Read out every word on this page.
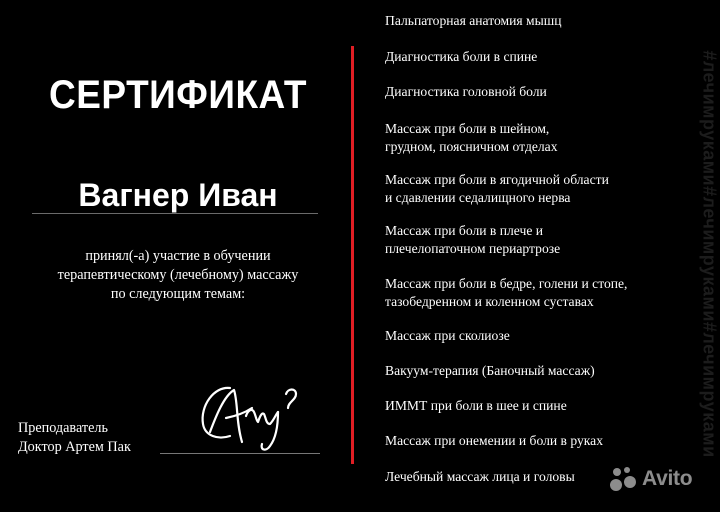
СЕРТИФИКАТ
Вагнер Иван
принял(-а) участие в обучении
терапевтическому (лечебному) массажу
по следующим темам:
Преподаватель
Доктор Артем Пак
Пальпаторная анатомия мышц
Диагностика боли в спине
Диагностика головной боли
Массаж при боли в шейном,
грудном, поясничном отделах
Массаж при боли в ягодичной области
и сдавлении седалищного нерва
Массаж при боли в плече и
плечелопаточном периартрозе
Массаж при боли в бедре, голени и стопе,
тазобедренном и коленном суставах
Массаж при сколиозе
Вакуум-терапия (Баночный массаж)
ИММТ при боли в шее и спине
Массаж при онемении и боли в руках
Лечебный массаж лица и головы
#лечимруками#лечимруками#лечимруками
Avito
